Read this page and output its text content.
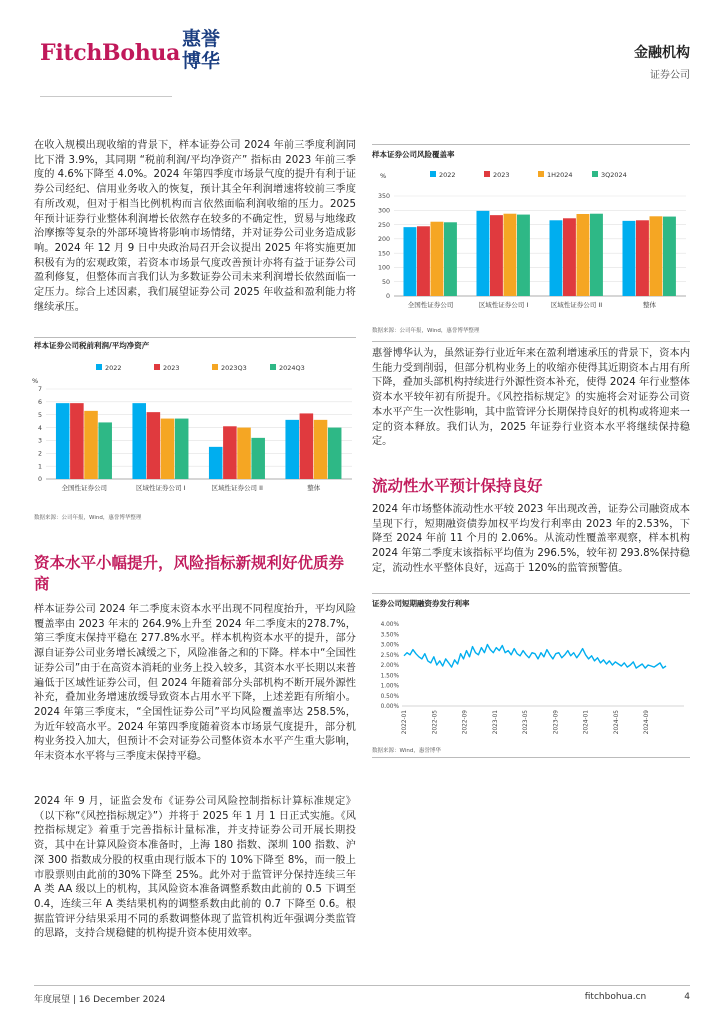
FitchBohua
惠誉博华	金融机构
证券公司
在收入规模出现收缩的背景下，样本证券公司 2024 年前三季度利润同比下滑 3.9%，其同期 “税前利润/平均净资产” 指标由 2023 年前三季度的 4.6%下降至 4.0%。2024 年第四季度市场景气度的提升有利于证券公司经纪、信用业务收入的恢复，预计其全年利润增速将较前三季度有所改观，但对于相当比例机构而言依然面临利润收缩的压力。2025 年预计证券行业整体利润增长依然存在较多的不确定性，贸易与地缘政治摩擦等复杂的外部环境皆将影响市场情绪，并对证券公司业务造成影响。2024 年 12 月 9 日中央政治局召开会议提出 2025 年将实施更加积极有为的宏观政策，若资本市场景气度改善预计亦将有益于证券公司盈利修复，但整体而言我们认为多数证券公司未来利润增长依然面临一定压力。综合上述因素，我们展望证券公司 2025 年收益和盈利能力将继续承压。
样本证券公司税前利润/平均净资产
2022	2023	2023Q3	2024Q3
%
0
1
2
3
4
5
6
7
全国性证券公司	区域性证券公司 I	区域性证券公司 II	整体
数据来源：公司年报，Wind，惠誉博华整理
资本水平小幅提升，风险指标新规利好优质券商
样本证券公司 2024 年二季度末资本水平出现不同程度抬升，平均风险覆盖率由 2023 年末的 264.9%上升至 2024 年二季度末的278.7%，第三季度末保持平稳在 277.8%水平。样本机构资本水平的提升，部分源自证券公司业务增长减缓之下，风险准备之和的下降。样本中“全国性证券公司”由于在高资本消耗的业务上投入较多，其资本水平长期以来普遍低于区域性证券公司，但 2024 年随着部分头部机构不断开展外源性补充，叠加业务增速放缓导致资本占用水平下降，上述差距有所缩小。2024 年第三季度末，“全国性证券公司”平均风险覆盖率达 258.5%，为近年较高水平。2024 年第四季度随着资本市场景气度提升，部分机构业务投入加大，但预计不会对证券公司整体资本水平产生重大影响，年末资本水平将与三季度末保持平稳。
2024 年 9 月，证监会发布《证券公司风险控制指标计算标准规定》（以下称“《风控指标规定》”）并将于 2025 年 1 月 1 日正式实施。《风控指标规定》着重于完善指标计量标准，并支持证券公司开展长期投资，其中在计算风险资本准备时，上海 180 指数、深圳 100 指数、沪深 300 指数成分股的权重由现行版本下的 10%下降至 8%，而一般上市股票则由此前的30%下降至 25%。此外对于监管评分保持连续三年 A 类 AA 级以上的机构，其风险资本准备调整系数由此前的 0.5 下调至 0.4，连续三年 A 类结果机构的调整系数由此前的 0.7 下降至 0.6。根据监管评分结果采用不同的系数调整体现了监管机构近年强调分类监管的思路，支持合规稳健的机构提升资本使用效率。
样本证券公司风险覆盖率
2022	2023	1H2024	3Q2024
%
0
50
100
150
200
250
300
350
全国性证券公司	区域性证券公司 I	区域性证券公司 II	整体
数据来源：公司年报，Wind，惠誉博华整理
惠誉博华认为，虽然证券行业近年来在盈利增速承压的背景下，资本内生能力受到削弱，但部分机构业务上的收缩亦使得其近期资本占用有所下降，叠加头部机构持续进行外源性资本补充，使得 2024 年行业整体资本水平较年初有所提升。《风控指标规定》的实施将会对证券公司资本水平产生一次性影响，其中监管评分长期保持良好的机构或将迎来一定的资本释放。我们认为，2025 年证券行业资本水平将继续保持稳定。
流动性水平预计保持良好
2024 年市场整体流动性水平较 2023 年出现改善，证券公司融资成本呈现下行，短期融资债券加权平均发行利率由 2023 年的2.53%，下降至 2024 年前 11 个月的 2.06%。从流动性覆盖率观察，样本机构 2024 年第二季度末该指标平均值为 296.5%，较年初 293.8%保持稳定，流动性水平整体良好，远高于 120%的监管预警值。
证券公司短期融资券发行利率
0.00%
0.50%
1.00%
1.50%
2.00%
2.50%
3.00%
3.50%
4.00%
2022-01	2022-05	2022-09	2023-01	2023-05	2023-09	2024-01	2024-05	2024-09
数据来源：Wind，惠誉博华
年度展望 | 16 December 2024	fitchbohua.cn	4
